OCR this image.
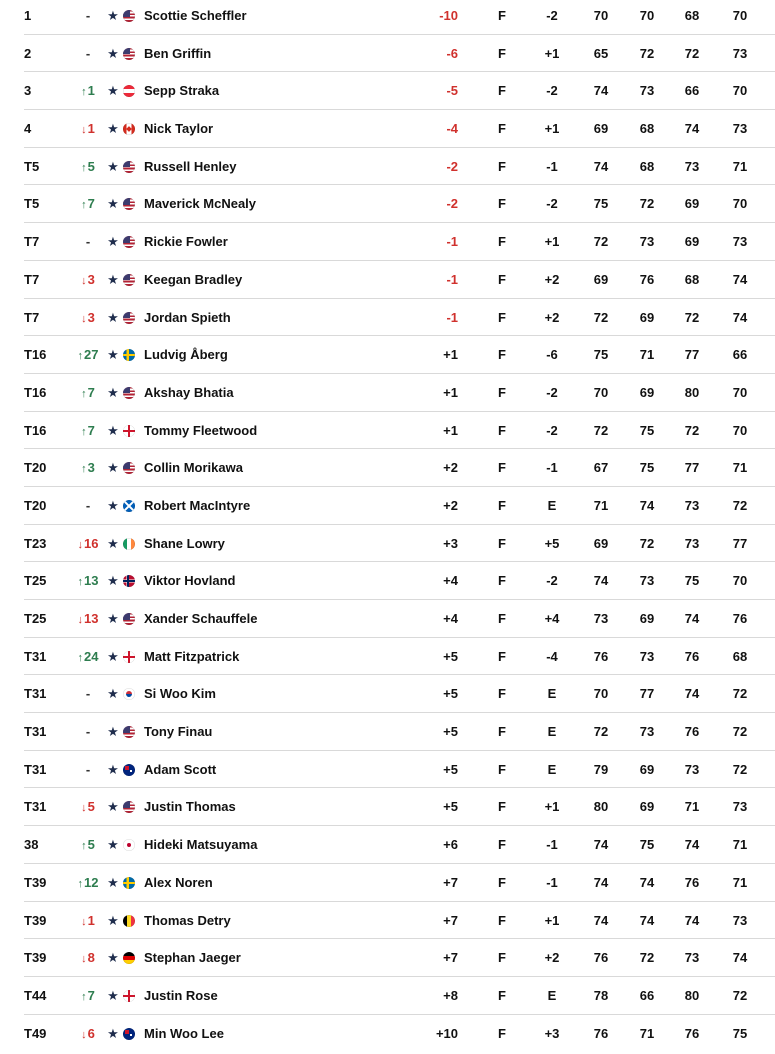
1	-	★ Scottie Scheffler	-10	F	-2	70	70	68	70
2	-	★ Ben Griffin	-6	F	+1	65	72	72	73
3	↑1 ★ Sepp Straka	-5	F	-2	74	73	66	70
4	↓1 ★ Nick Taylor	-4	F	+1	69	68	74	73
T5	↑5 ★ Russell Henley	-2	F	-1	74	68	73	71
T5	↑7 ★ Maverick McNealy	-2	F	-2	75	72	69	70
T7	-	★ Rickie Fowler	-1	F	+1	72	73	69	73
T7	↓3 ★ Keegan Bradley	-1	F	+2	69	76	68	74
T7	↓3 ★ Jordan Spieth	-1	F	+2	72	69	72	74
T16	↑27 ★ Ludvig Åberg	+1	F	-6	75	71	77	66
T16	↑7 ★ Akshay Bhatia	+1	F	-2	70	69	80	70
T16	↑7 ★ Tommy Fleetwood	+1	F	-2	72	75	72	70
T20	↑3 ★ Collin Morikawa	+2	F	-1	67	75	77	71
T20	-	★ Robert MacIntyre	+2	F	E	71	74	73	72
T23	↓16 ★ Shane Lowry	+3	F	+5	69	72	73	77
T25	↑13 ★ Viktor Hovland	+4	F	-2	74	73	75	70
T25	↓13 ★ Xander Schauffele	+4	F	+4	73	69	74	76
T31	↑24 ★ Matt Fitzpatrick	+5	F	-4	76	73	76	68
T31	-	★ Si Woo Kim	+5	F	E	70	77	74	72
T31	-	★ Tony Finau	+5	F	E	72	73	76	72
T31	-	★ Adam Scott	+5	F	E	79	69	73	72
T31	↓5 ★ Justin Thomas	+5	F	+1	80	69	71	73
38	↑5 ★ Hideki Matsuyama	+6	F	-1	74	75	74	71
T39	↑12 ★ Alex Noren	+7	F	-1	74	74	76	71
T39	↓1 ★ Thomas Detry	+7	F	+1	74	74	74	73
T39	↓8 ★ Stephan Jaeger	+7	F	+2	76	72	73	74
T44	↑7 ★ Justin Rose	+8	F	E	78	66	80	72
T49	↓6 ★ Min Woo Lee	+10	F	+3	76	71	76	75
